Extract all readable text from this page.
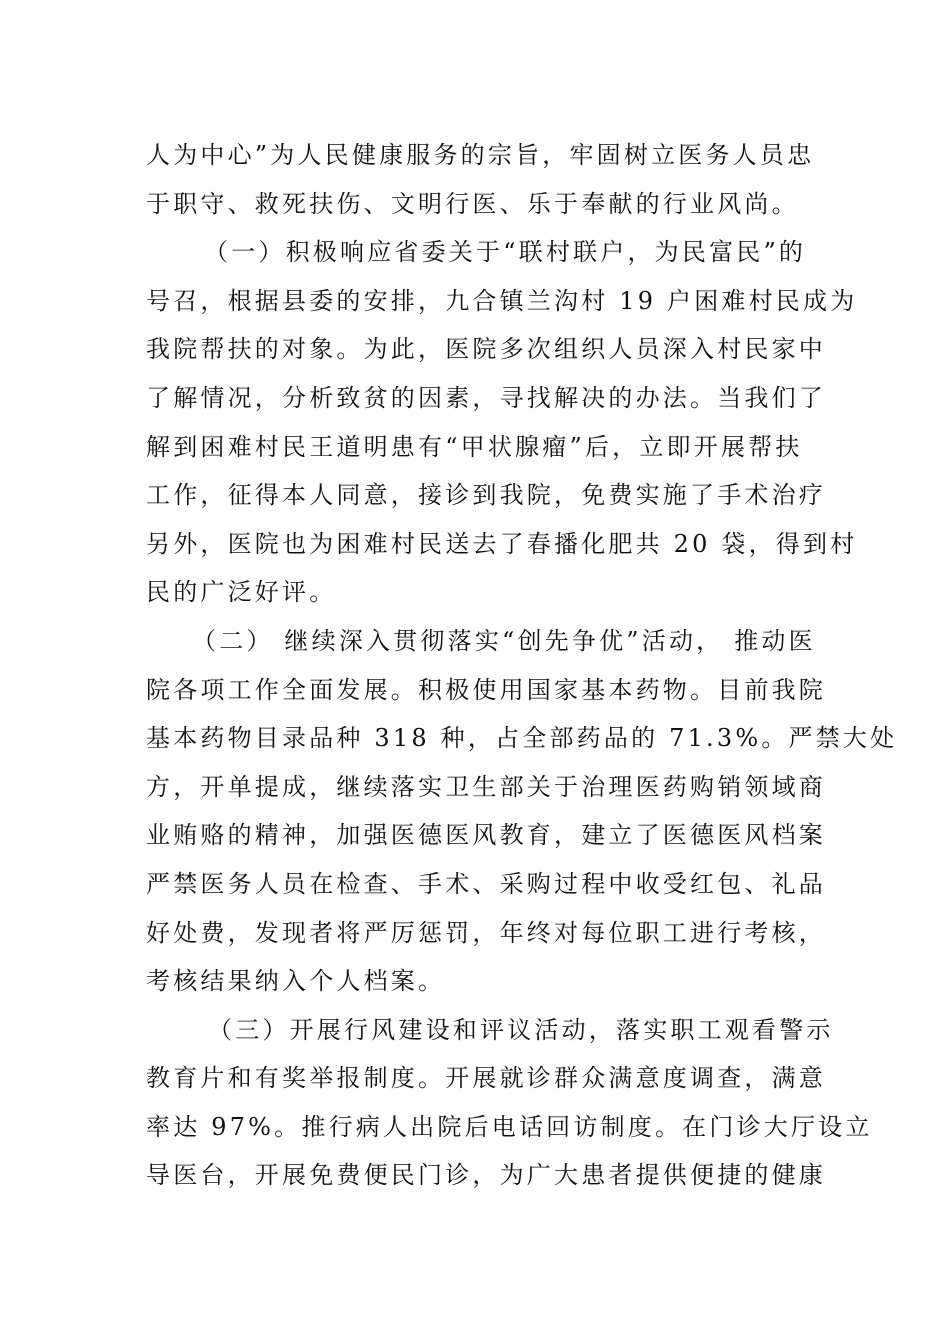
人为中心”为人民健康服务的宗旨，牢固树立医务人员忠
于职守、救死扶伤、文明行医、乐于奉献的行业风尚。
（一）积极响应省委关于“联村联户，为民富民”的
号召，根据县委的安排，九合镇兰沟村 19 户困难村民成为
我院帮扶的对象。为此，医院多次组织人员深入村民家中
了解情况，分析致贫的因素，寻找解决的办法。当我们了
解到困难村民王道明患有“甲状腺瘤”后，立即开展帮扶
工作，征得本人同意，接诊到我院，免费实施了手术治疗
另外，医院也为困难村民送去了春播化肥共 20 袋，得到村
民的广泛好评。
（二） 继续深入贯彻落实“创先争优”活动， 推动医
院各项工作全面发展。积极使用国家基本药物。目前我院
基本药物目录品种 318 种，占全部药品的 71.3%。严禁大处
方，开单提成，继续落实卫生部关于治理医药购销领域商
业贿赂的精神，加强医德医风教育，建立了医德医风档案
严禁医务人员在检查、手术、采购过程中收受红包、礼品
好处费，发现者将严厉惩罚，年终对每位职工进行考核，
考核结果纳入个人档案。
（三）开展行风建设和评议活动，落实职工观看警示
教育片和有奖举报制度。开展就诊群众满意度调查，满意
率达 97%。推行病人出院后电话回访制度。在门诊大厅设立
导医台，开展免费便民门诊，为广大患者提供便捷的健康
